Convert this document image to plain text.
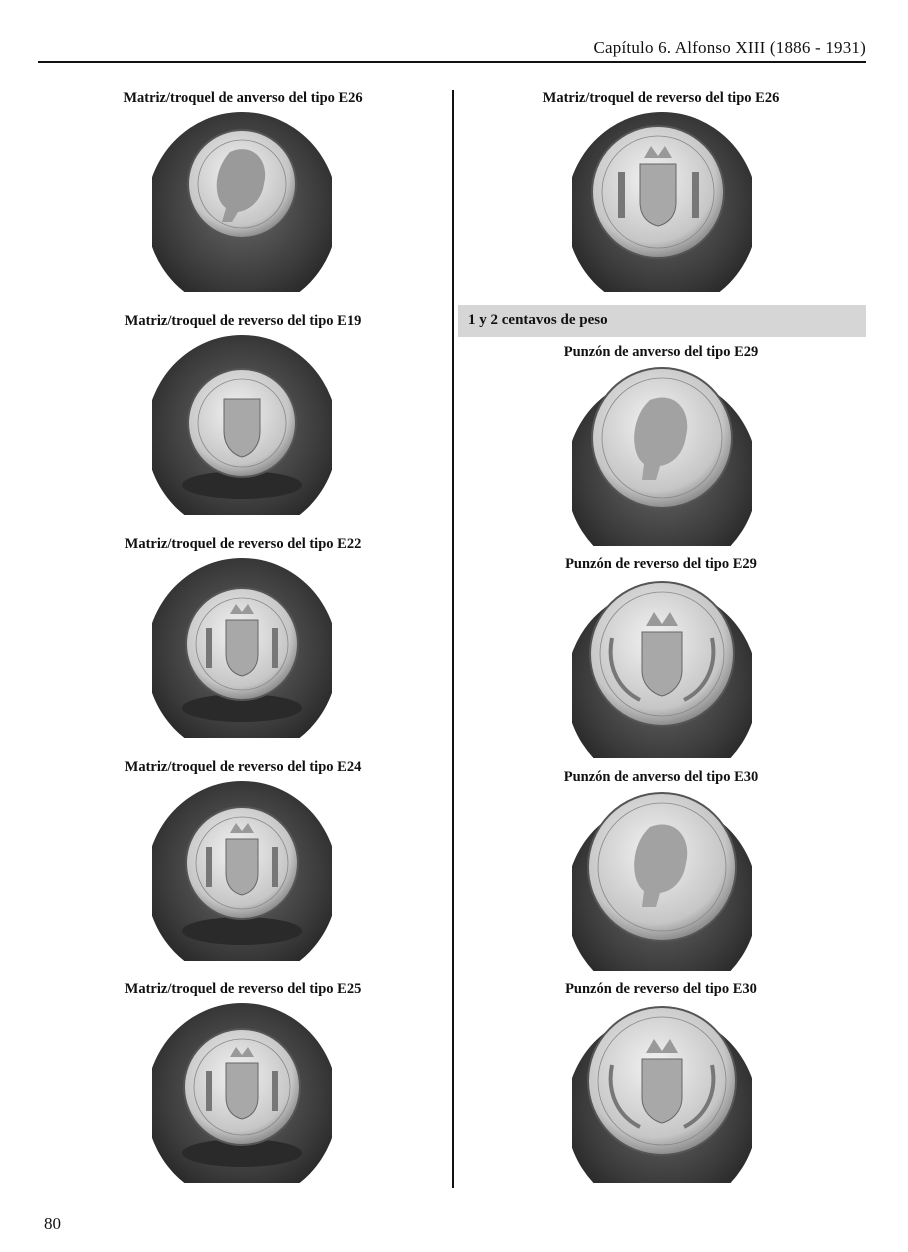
Capítulo 6. Alfonso XIII (1886 - 1931)
Matriz/troquel de anverso del tipo E26
Matriz/troquel de reverso del tipo E19
Matriz/troquel de reverso del tipo E22
Matriz/troquel de reverso del tipo E24
Matriz/troquel de reverso del tipo E25
Matriz/troquel de reverso del tipo E26
1 y 2 centavos de peso
Punzón de anverso del tipo E29
Punzón de reverso del tipo E29
Punzón de anverso del tipo E30
Punzón de reverso del tipo E30
80
